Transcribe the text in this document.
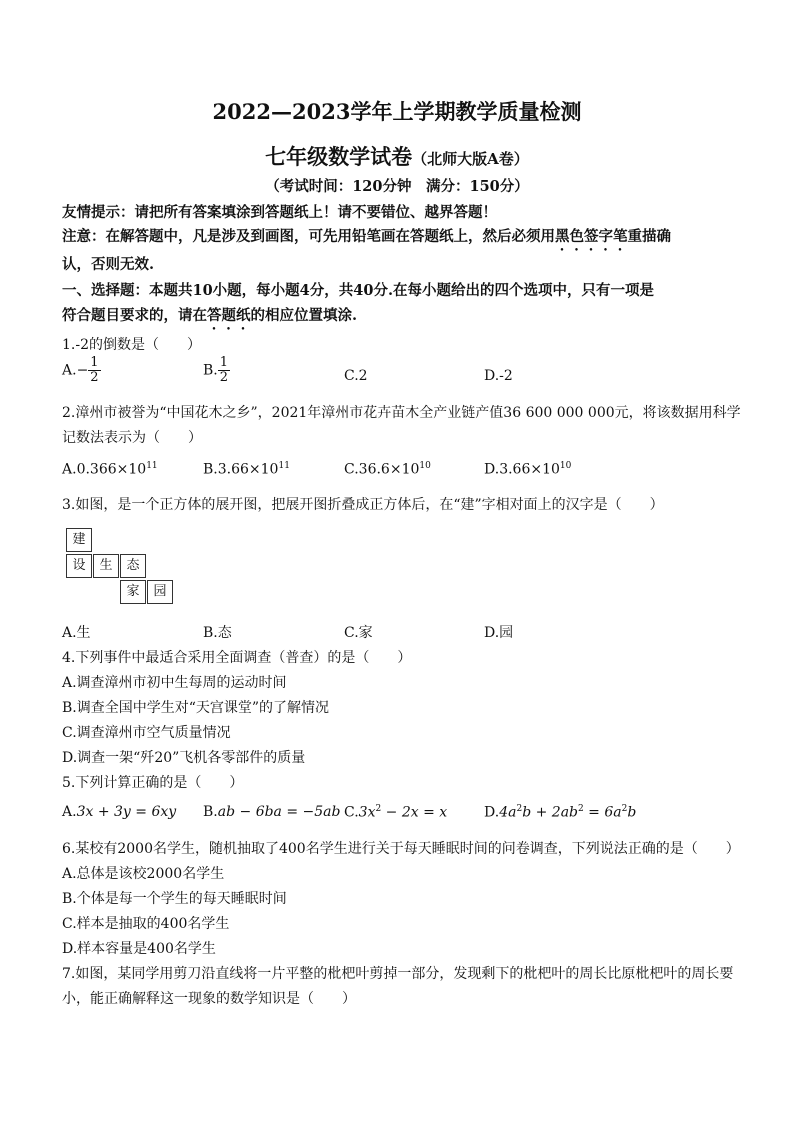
2022—2023学年上学期教学质量检测
七年级数学试卷（北师大版A卷）
（考试时间：120分钟　满分：150分）
友情提示：请把所有答案填涂到答题纸上！请不要错位、越界答题！
注意：在解答题中，凡是涉及到画图，可先用铅笔画在答题纸上，然后必须用黑色签字笔重描确
认，否则无效.
一、选择题：本题共10小题，每小题4分，共40分.在每小题给出的四个选项中，只有一项是
符合题目要求的，请在答题纸的相应位置填涂.
1.-2的倒数是（　　）
$A.- \frac{1}{2}$	B. $\frac{1}{2}$	C.2	D.-2
2.漳州市被誉为“中国花木之乡”，2021年漳州市花卉苗木全产业链产值36 600 000 000元，将该数据用科学
记数法表示为（　　）
$A.0.366\times 10^{11}$	$B.3.66\times 10^{11}$	$C.36.6\times 10^{10}$	$D.3.66\times 10^{10}$
3.如图，是一个正方体的展开图，把展开图折叠成正方体后，在“建”字相对面上的汉字是（　　）
建
设	生	态
家	园
A.生	B.态	C.家	D.园
4.下列事件中最适合采用全面调查（普查）的是（　　）
A.调查漳州市初中生每周的运动时间
B.调查全国中学生对“天宫课堂”的了解情况
C.调查漳州市空气质量情况
D.调查一架“歼20”飞机各零部件的质量
5.下列计算正确的是（　　）
A.3x + 3y = 6xy B.ab − 6ba = −5ab $C.3x^2 - 2x = x$	$D.4a^2b + 2ab^2 = 6a^2b$
6.某校有2000名学生，随机抽取了400名学生进行关于每天睡眠时间的问卷调查，下列说法正确的是（　　）
A.总体是该校2000名学生
B.个体是每一个学生的每天睡眠时间
C.样本是抽取的400名学生
D.样本容量是400名学生
7.如图，某同学用剪刀沿直线将一片平整的枇杷叶剪掉一部分，发现剩下的枇杷叶的周长比原枇杷叶的周长要
小，能正确解释这一现象的数学知识是（　　）
